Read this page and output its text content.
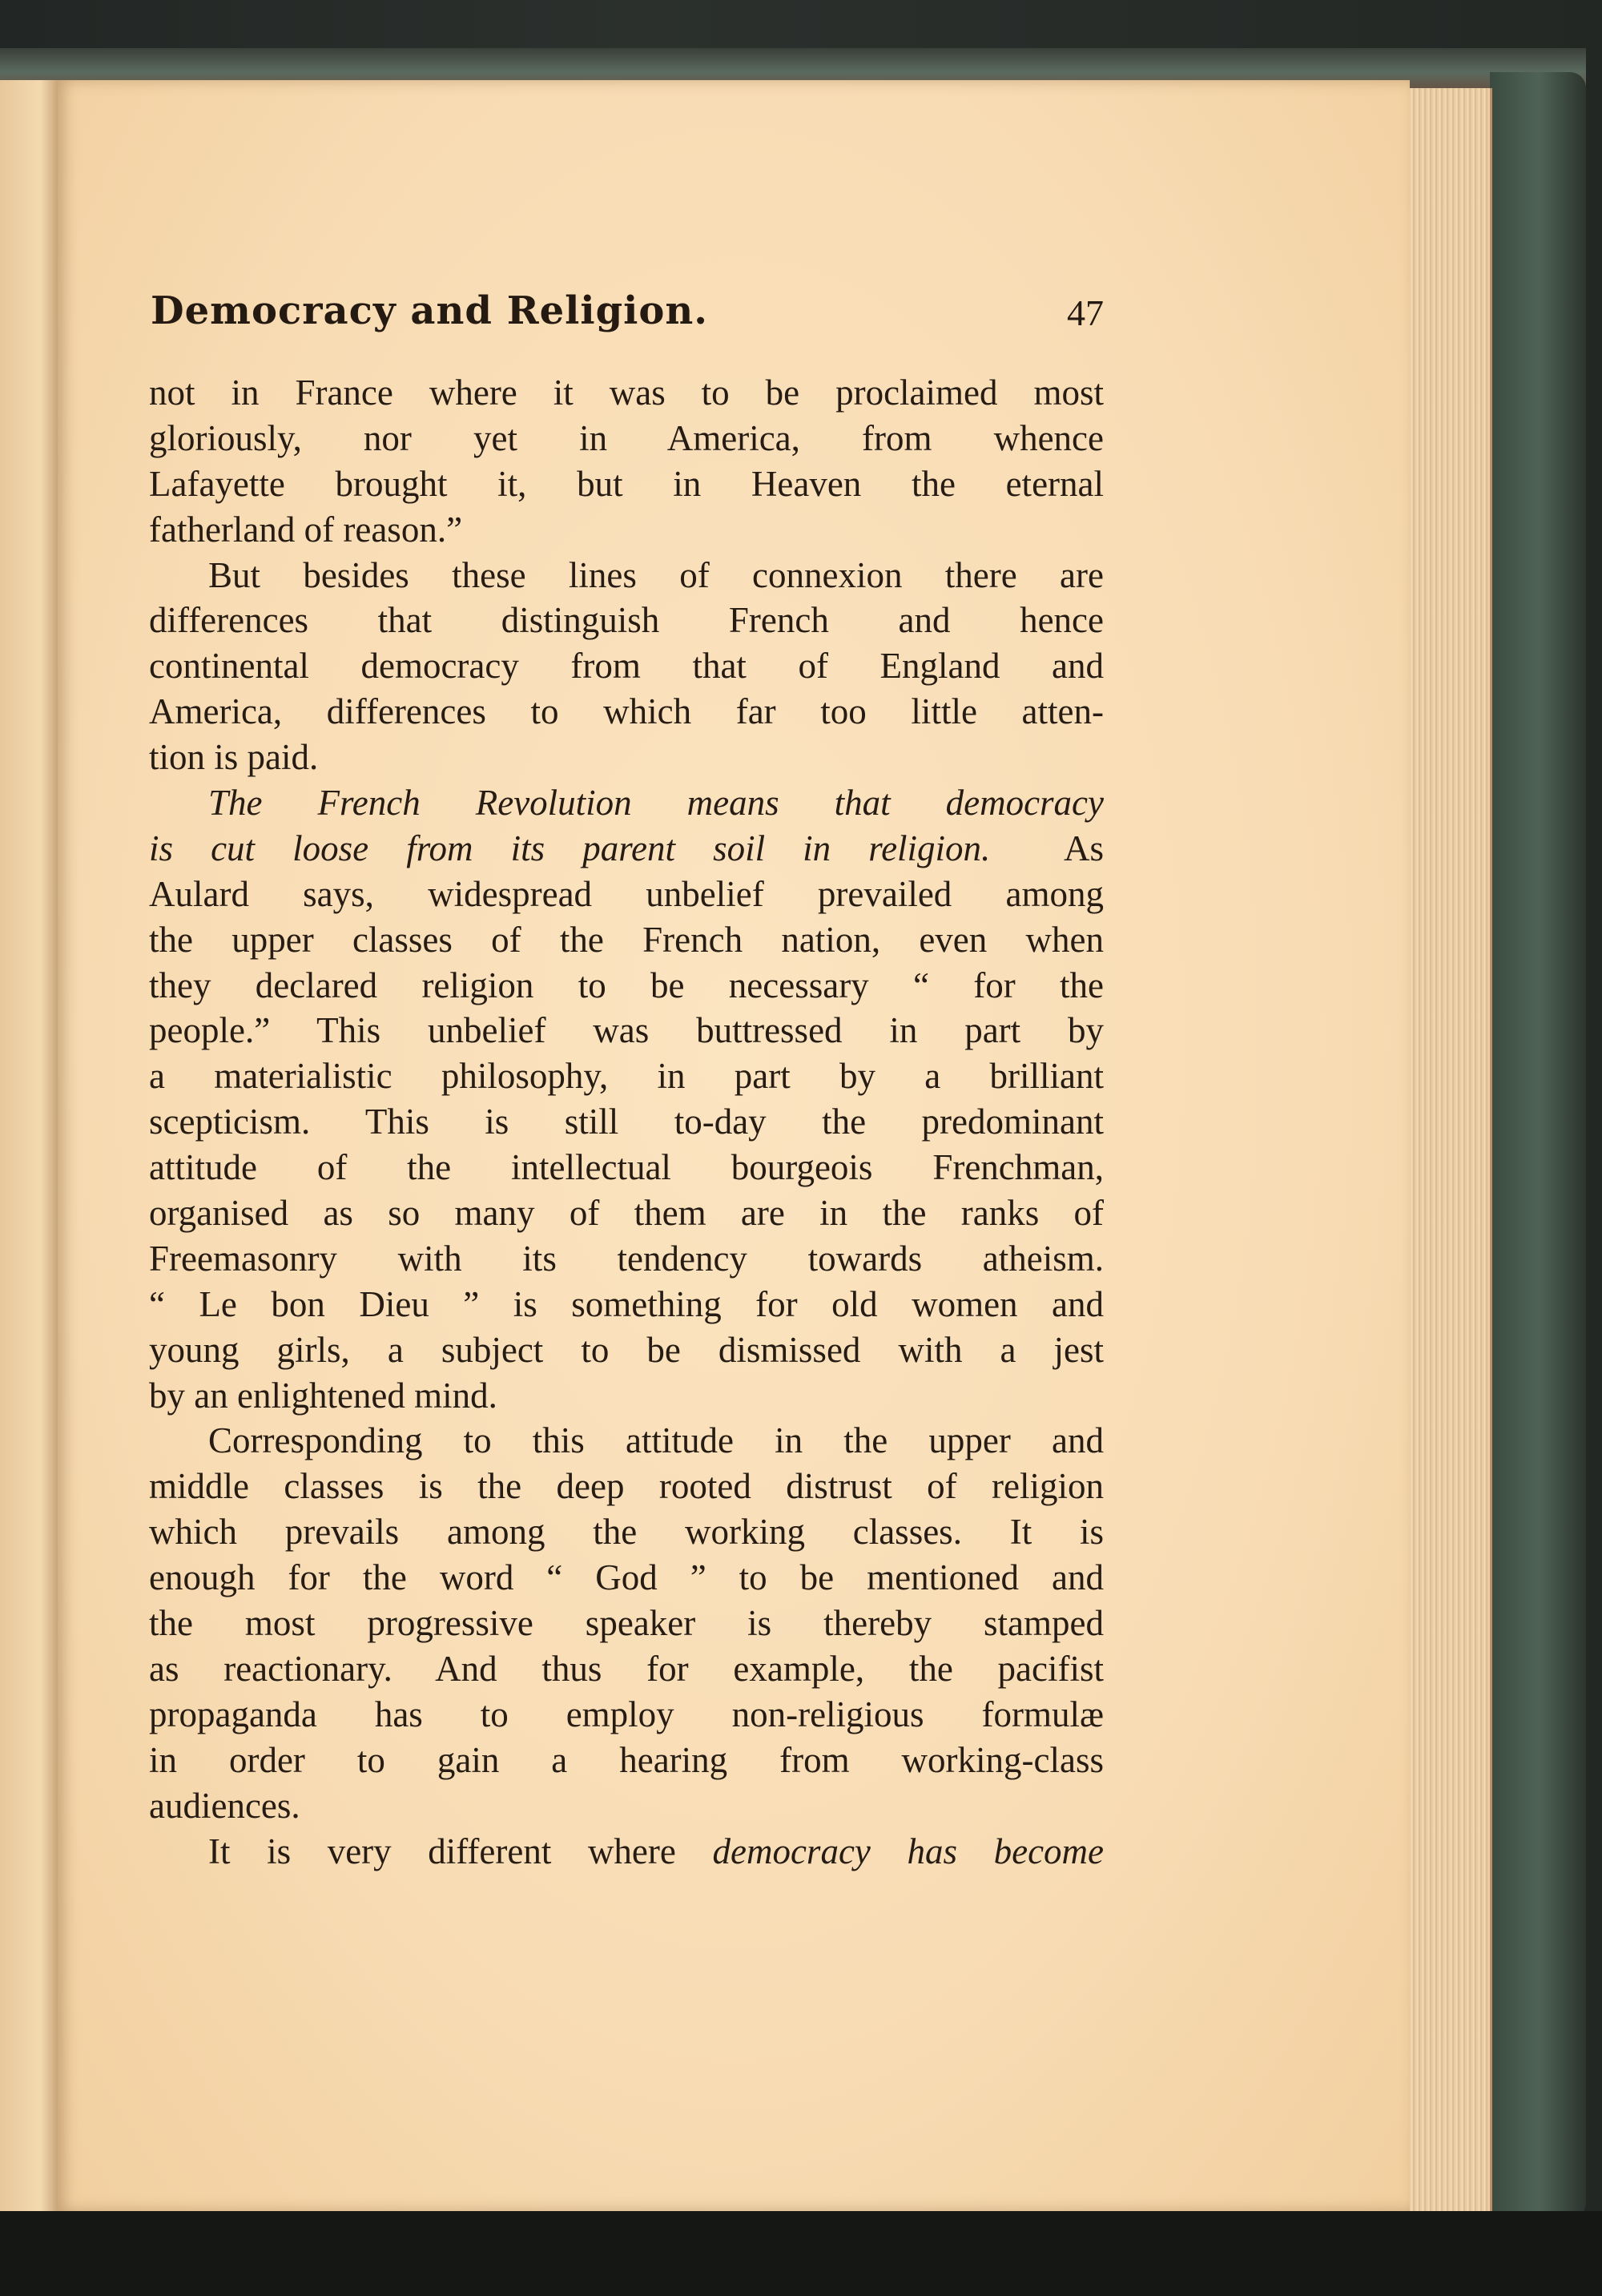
Democracy and Religion.	47
not in France where it was to be proclaimed most
gloriously, nor yet in America, from whence
Lafayette brought it, but in Heaven the eternal
fatherland of reason.”
But besides these lines of connexion there are
differences that distinguish French and hence
continental democracy from that of England and
America, differences to which far too little atten-
tion is paid.
The French Revolution means that democracy
is cut loose from its parent soil in religion. As
Aulard says, widespread unbelief prevailed among
the upper classes of the French nation, even when
they declared religion to be necessary “ for the
people.” This unbelief was buttressed in part by
a materialistic philosophy, in part by a brilliant
scepticism. This is still to-day the predominant
attitude of the intellectual bourgeois Frenchman,
organised as so many of them are in the ranks of
Freemasonry with its tendency towards atheism.
“ Le bon Dieu ” is something for old women and
young girls, a subject to be dismissed with a jest
by an enlightened mind.
Corresponding to this attitude in the upper and
middle classes is the deep rooted distrust of religion
which prevails among the working classes. It is
enough for the word “ God ” to be mentioned and
the most progressive speaker is thereby stamped
as reactionary. And thus for example, the pacifist
propaganda has to employ non-religious formulæ
in order to gain a hearing from working-class
audiences.
It is very different where democracy has become
